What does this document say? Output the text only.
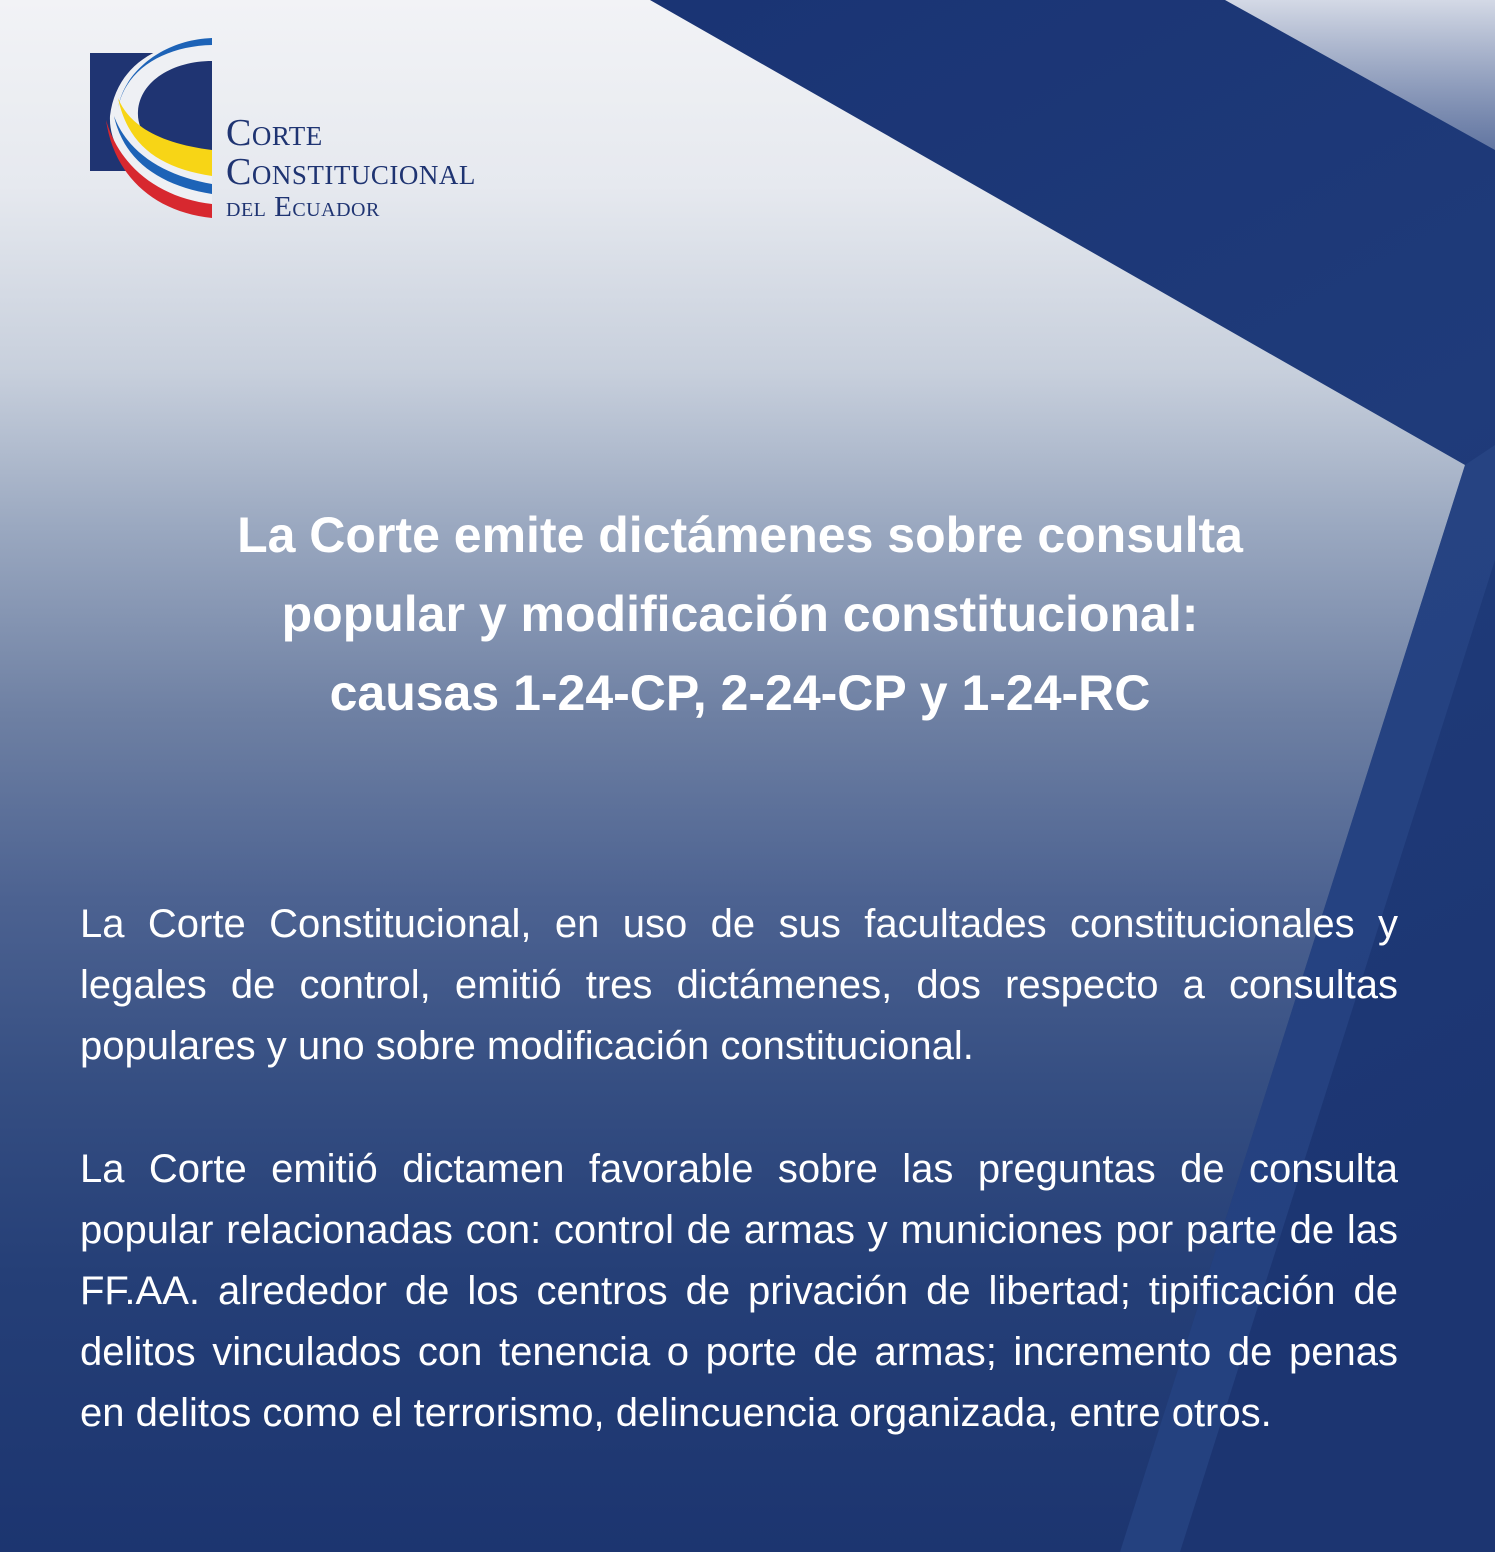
Corte
Constitucional
del Ecuador
La Corte emite dictámenes sobre consulta
popular y modificación constitucional:
causas 1-24-CP, 2-24-CP y 1-24-RC

La Corte Constitucional, en uso de sus facultades constitucionales y legales de control, emitió tres dictámenes, dos respecto a consultas populares y uno sobre modificación constitucional.

La Corte emitió dictamen favorable sobre las preguntas de consulta popular relacionadas con: control de armas y municiones por parte de las FF.AA. alrededor de los centros de privación de libertad; tipificación de delitos vinculados con tenencia o porte de armas; incremento de penas en delitos como el terrorismo, delincuencia organizada, entre otros.
